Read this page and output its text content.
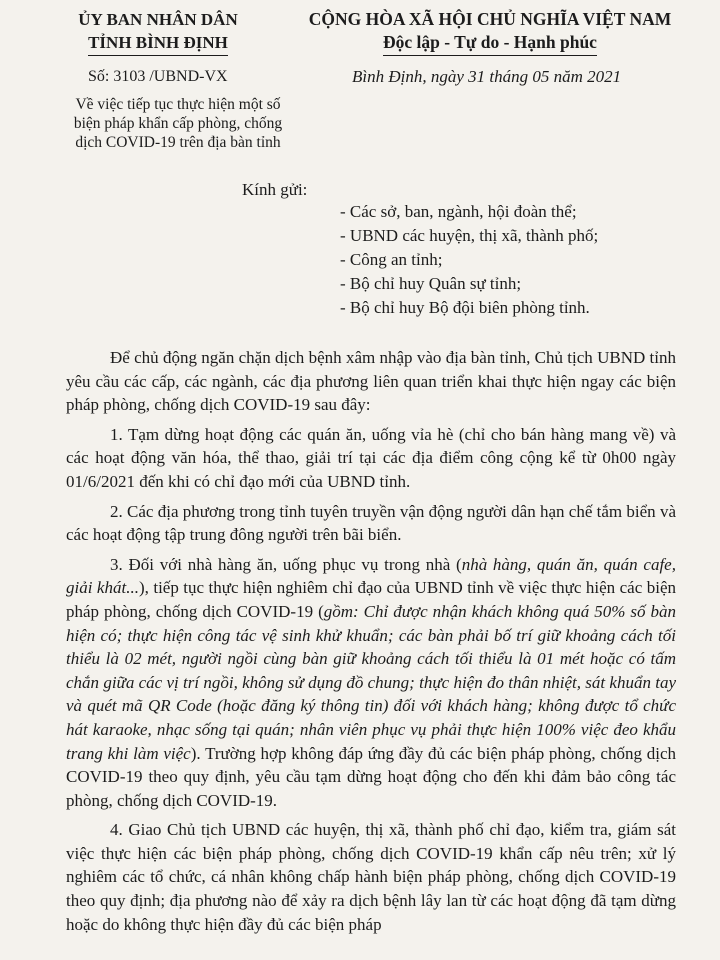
ỦY BAN NHÂN DÂN
TỈNH BÌNH ĐỊNH
CỘNG HÒA XÃ HỘI CHỦ NGHĨA VIỆT NAM
Độc lập - Tự do - Hạnh phúc
Số: 3103 /UBND-VX	Bình Định, ngày 31 tháng 05 năm 2021
Về việc tiếp tục thực hiện một số biện pháp khẩn cấp phòng, chống dịch COVID-19 trên địa bàn tỉnh
Kính gửi:
- Các sở, ban, ngành, hội đoàn thể;
- UBND các huyện, thị xã, thành phố;
- Công an tỉnh;
- Bộ chỉ huy Quân sự tỉnh;
- Bộ chỉ huy Bộ đội biên phòng tỉnh.

Để chủ động ngăn chặn dịch bệnh xâm nhập vào địa bàn tỉnh, Chủ tịch UBND tỉnh yêu cầu các cấp, các ngành, các địa phương liên quan triển khai thực hiện ngay các biện pháp phòng, chống dịch COVID-19 sau đây:

1. Tạm dừng hoạt động các quán ăn, uống vỉa hè (chỉ cho bán hàng mang về) và các hoạt động văn hóa, thể thao, giải trí tại các địa điểm công cộng kể từ 0h00 ngày 01/6/2021 đến khi có chỉ đạo mới của UBND tỉnh.

2. Các địa phương trong tỉnh tuyên truyền vận động người dân hạn chế tắm biển và các hoạt động tập trung đông người trên bãi biển.

3. Đối với nhà hàng ăn, uống phục vụ trong nhà (nhà hàng, quán ăn, quán cafe, giải khát...), tiếp tục thực hiện nghiêm chỉ đạo của UBND tỉnh về việc thực hiện các biện pháp phòng, chống dịch COVID-19 (gồm: Chỉ được nhận khách không quá 50% số bàn hiện có; thực hiện công tác vệ sinh khử khuẩn; các bàn phải bố trí giữ khoảng cách tối thiểu là 02 mét, người ngồi cùng bàn giữ khoảng cách tối thiểu là 01 mét hoặc có tấm chắn giữa các vị trí ngồi, không sử dụng đồ chung; thực hiện đo thân nhiệt, sát khuẩn tay và quét mã QR Code (hoặc đăng ký thông tin) đối với khách hàng; không được tổ chức hát karaoke, nhạc sống tại quán; nhân viên phục vụ phải thực hiện 100% việc đeo khẩu trang khi làm việc). Trường hợp không đáp ứng đầy đủ các biện pháp phòng, chống dịch COVID-19 theo quy định, yêu cầu tạm dừng hoạt động cho đến khi đảm bảo công tác phòng, chống dịch COVID-19.

4. Giao Chủ tịch UBND các huyện, thị xã, thành phố chỉ đạo, kiểm tra, giám sát việc thực hiện các biện pháp phòng, chống dịch COVID-19 khẩn cấp nêu trên; xử lý nghiêm các tổ chức, cá nhân không chấp hành biện pháp phòng, chống dịch COVID-19 theo quy định; địa phương nào để xảy ra dịch bệnh lây lan từ các hoạt động đã tạm dừng hoặc do không thực hiện đầy đủ các biện pháp
